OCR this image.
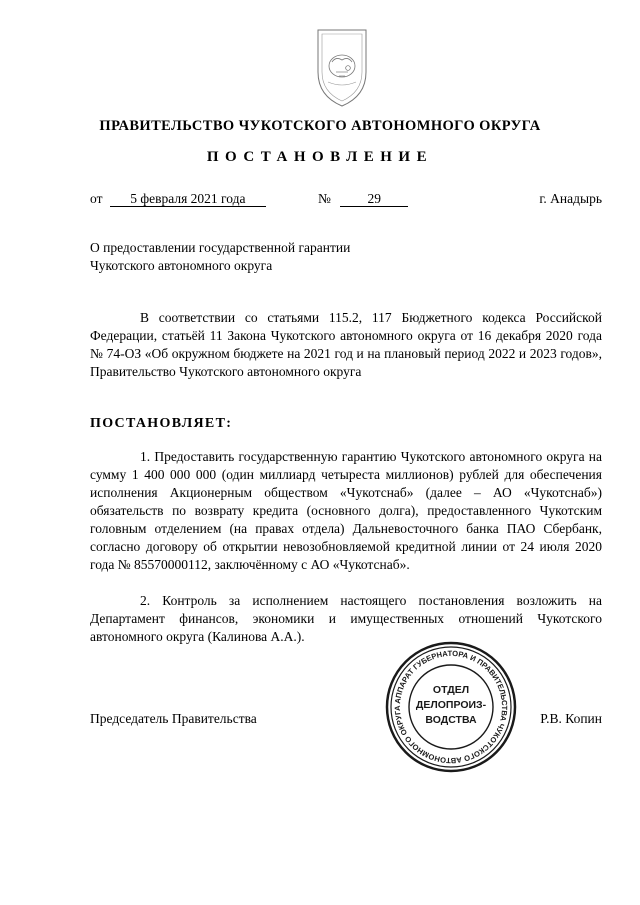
ПРАВИТЕЛЬСТВО ЧУКОТСКОГО АВТОНОМНОГО ОКРУГА
ПОСТАНОВЛЕНИЕ
от 5 февраля 2021 года	№	29	г. Анадырь
О предоставлении государственной гарантии
Чукотского автономного округа
В соответствии со статьями 115.2, 117 Бюджетного кодекса Российской Федерации, статьёй 11 Закона Чукотского автономного округа от 16 декабря 2020 года № 74-ОЗ «Об окружном бюджете на 2021 год и на плановый период 2022 и 2023 годов», Правительство Чукотского автономного округа
ПОСТАНОВЛЯЕТ:
1. Предоставить государственную гарантию Чукотского автономного округа на сумму 1 400 000 000 (один миллиард четыреста миллионов) рублей для обеспечения исполнения Акционерным обществом «Чукотснаб» (далее – АО «Чукотснаб») обязательств по возврату кредита (основного долга), предоставленного Чукотским головным отделением (на правах отдела) Дальневосточного банка ПАО Сбербанк, согласно договору об открытии невозобновляемой кредитной линии от 24 июля 2020 года № 85570000112, заключённому с АО «Чукотснаб».
2. Контроль за исполнением настоящего постановления возложить на Департамент финансов, экономики и имущественных отношений Чукотского автономного округа (Калинова А.А.).
Председатель Правительства	Р.В. Копин
АППАРАТ ГУБЕРНАТОРА И ПРАВИТЕЛЬСТВА ЧУКОТСКОГО АВТОНОМНОГО ОКРУГА
ОТДЕЛ
ДЕЛОПРОИЗ-
ВОДСТВА
